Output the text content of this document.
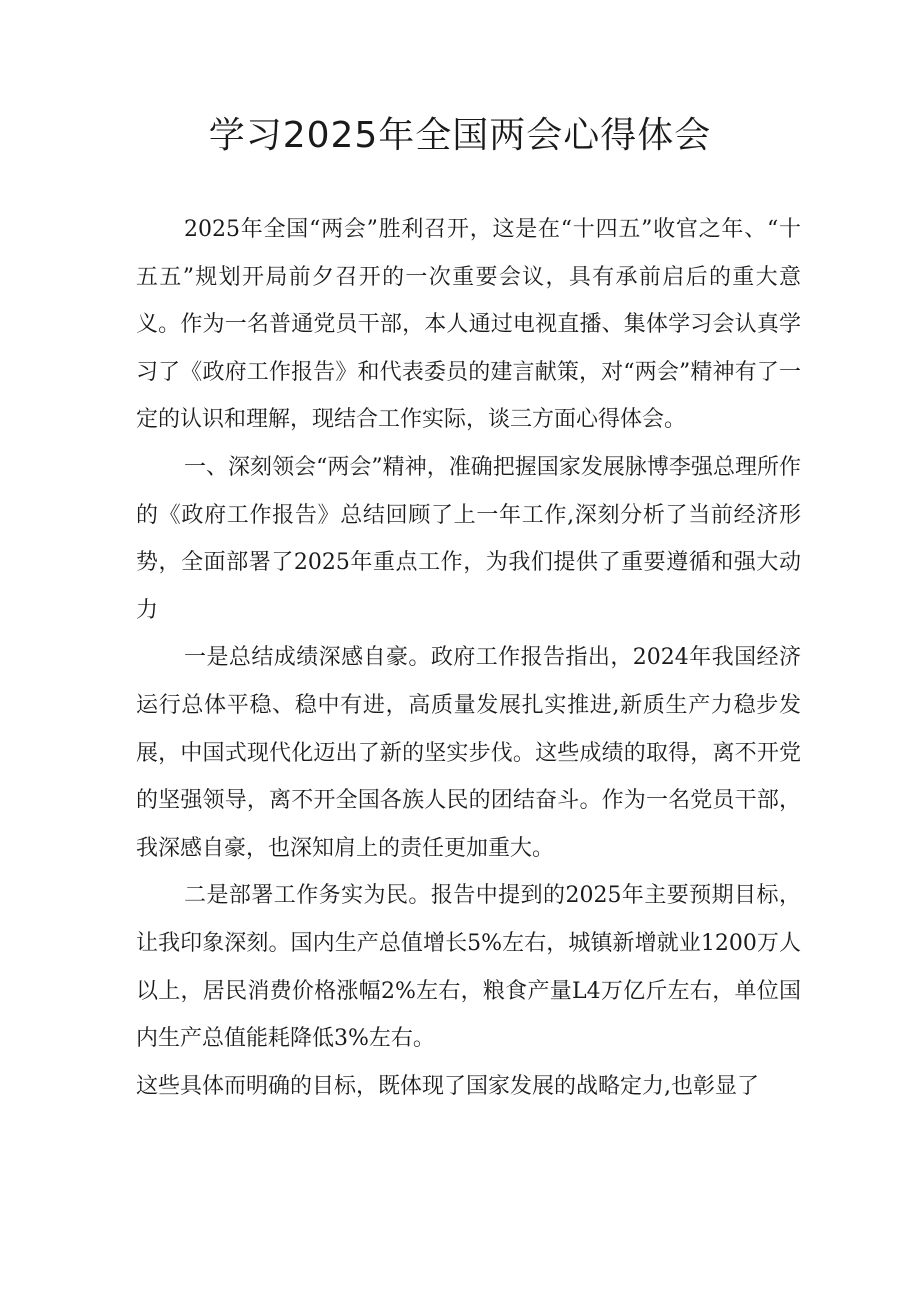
学习2025年全国两会心得体会

2025年全国“两会”胜利召开，这是在“十四五”收官之年、“十五五”规划开局前夕召开的一次重要会议，具有承前启后的重大意义。作为一名普通党员干部，本人通过电视直播、集体学习会认真学习了《政府工作报告》和代表委员的建言献策，对“两会”精神有了一定的认识和理解，现结合工作实际，谈三方面心得体会。

一、深刻领会“两会”精神，准确把握国家发展脉博李强总理所作的《政府工作报告》总结回顾了上一年工作,深刻分析了当前经济形势，全面部署了2025年重点工作，为我们提供了重要遵循和强大动力

一是总结成绩深感自豪。政府工作报告指出，2024年我国经济运行总体平稳、稳中有进，高质量发展扎实推进,新质生产力稳步发展，中国式现代化迈出了新的坚实步伐。这些成绩的取得，离不开党的坚强领导，离不开全国各族人民的团结奋斗。作为一名党员干部，我深感自豪，也深知肩上的责任更加重大。

二是部署工作务实为民。报告中提到的2025年主要预期目标，让我印象深刻。国内生产总值增长5%左右，城镇新增就业1200万人以上，居民消费价格涨幅2%左右，粮食产量L4万亿斤左右，单位国内生产总值能耗降低3%左右。

这些具体而明确的目标，既体现了国家发展的战略定力,也彰显了
